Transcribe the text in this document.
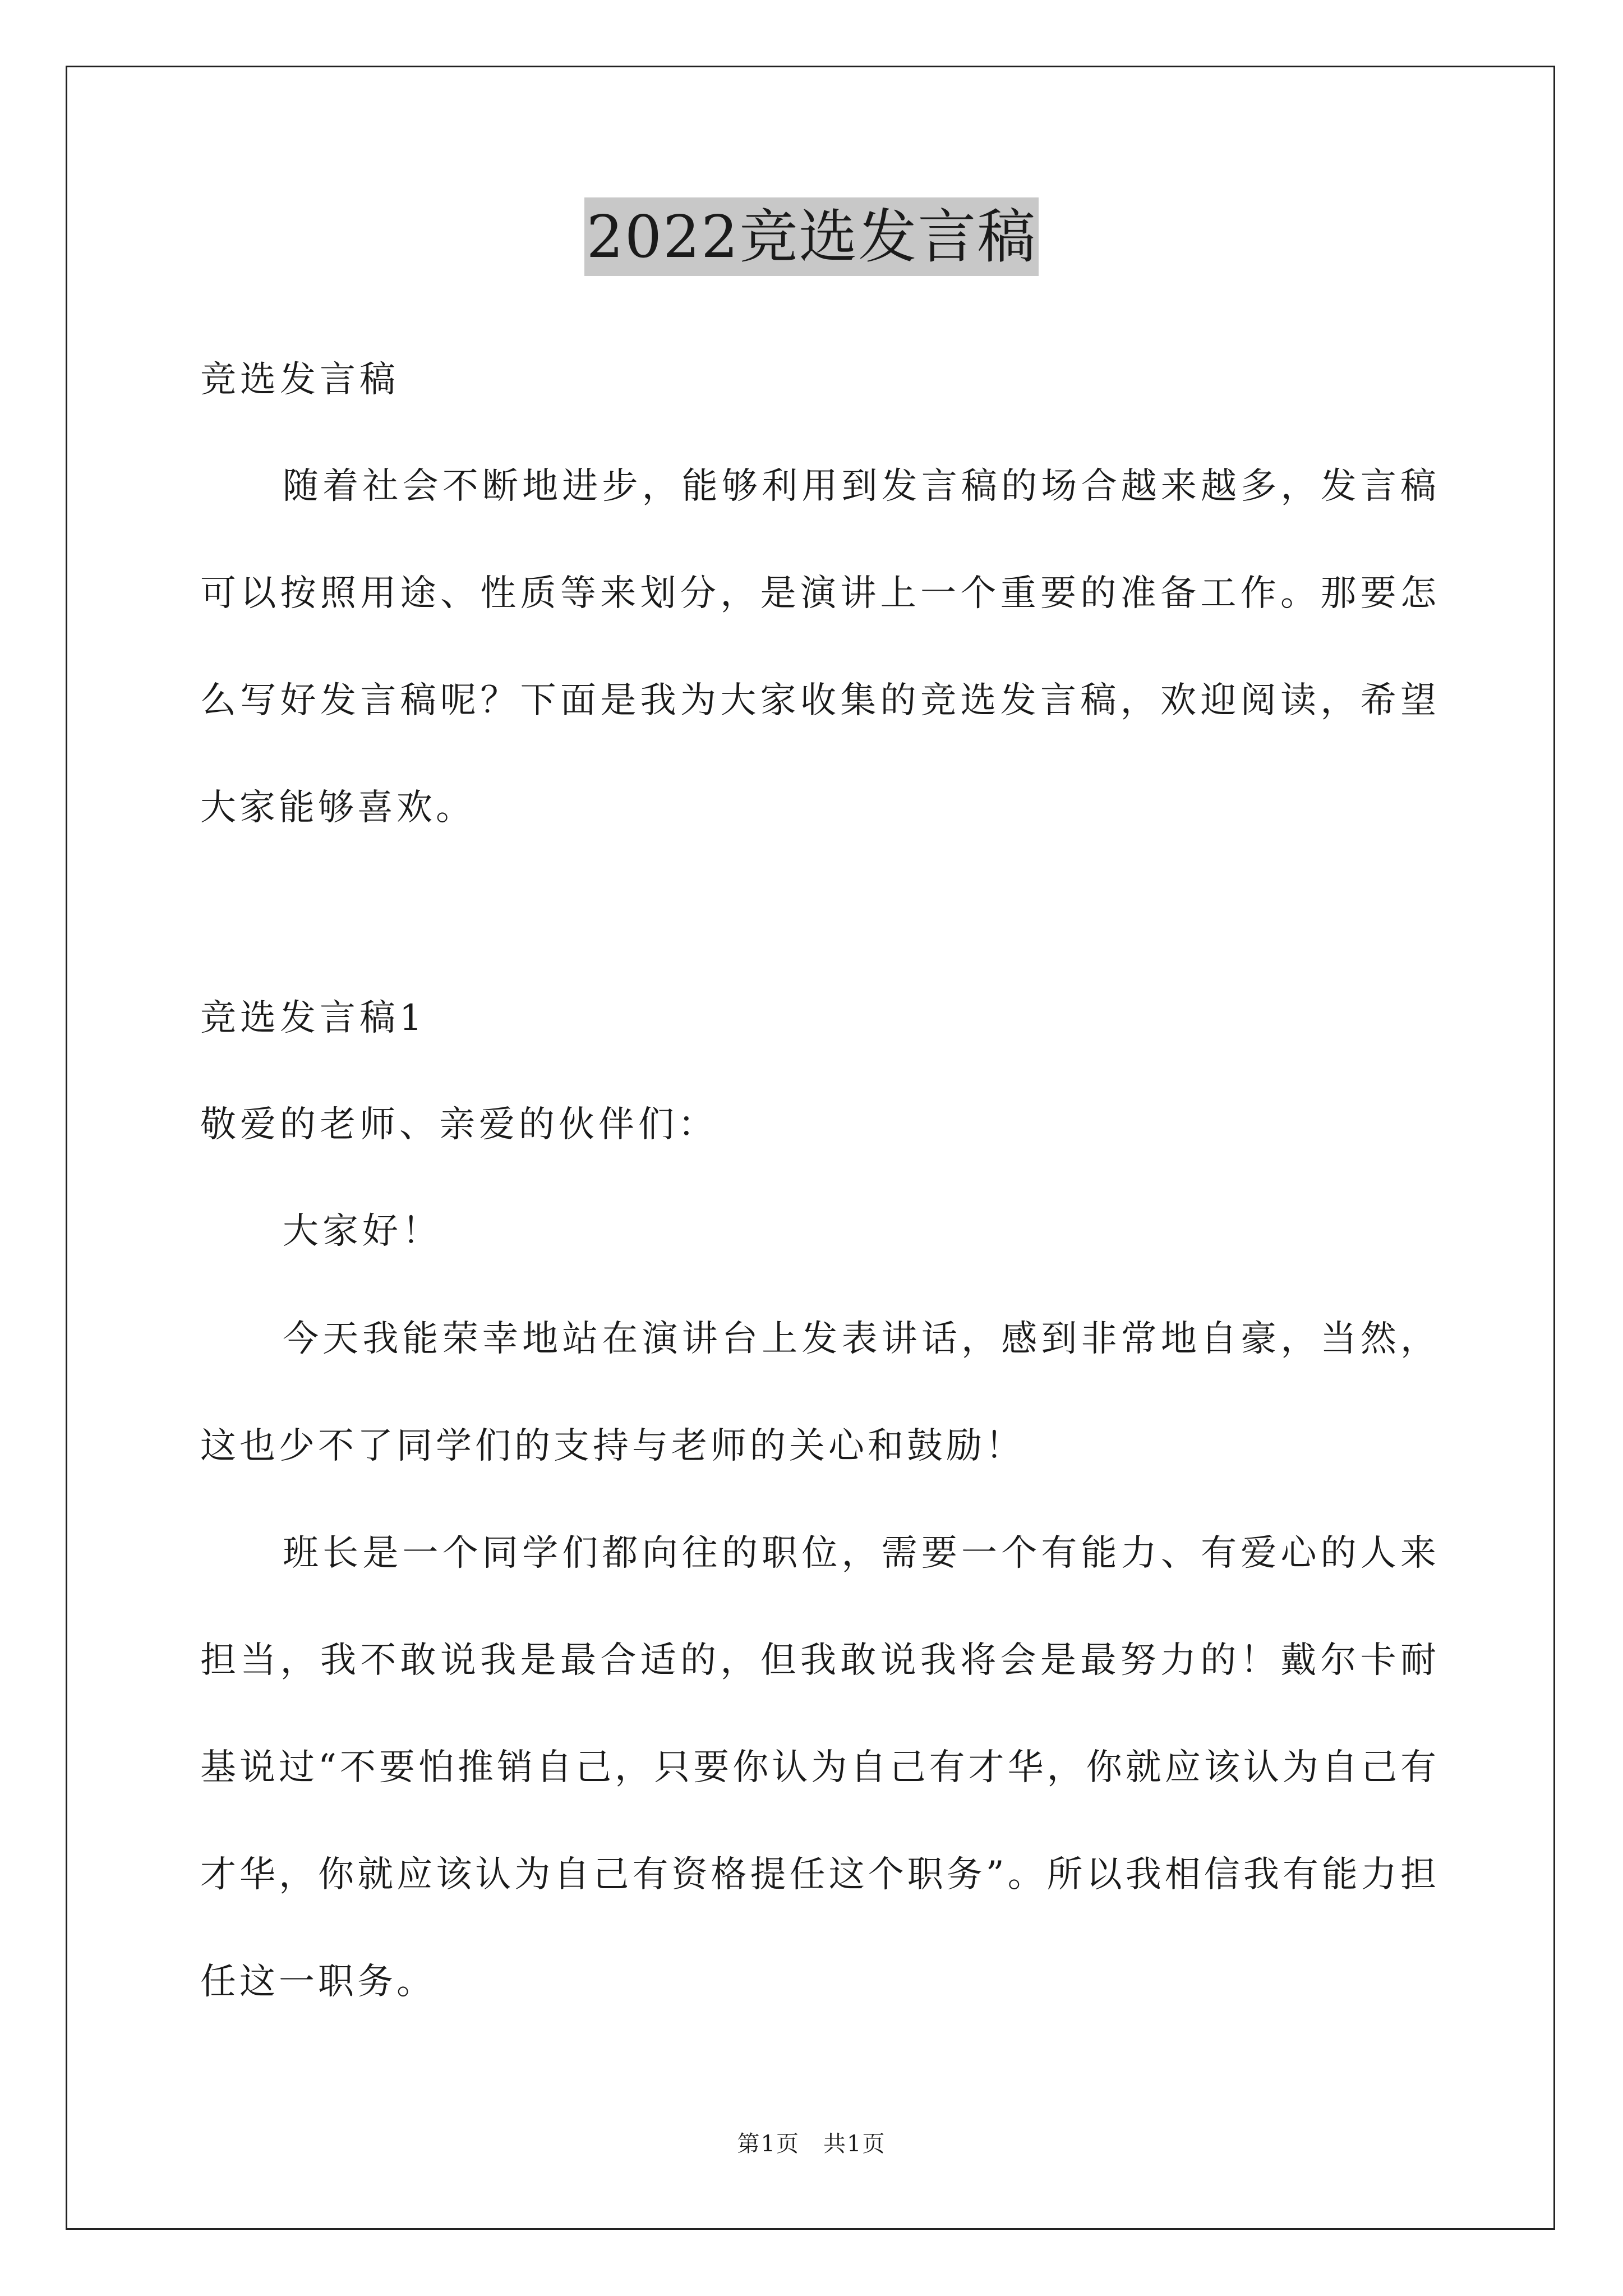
2022竞选发言稿
竞选发言稿
随着社会不断地进步，能够利用到发言稿的场合越来越多，发言稿可以按照用途、性质等来划分，是演讲上一个重要的准备工作。那要怎么写好发言稿呢？下面是我为大家收集的竞选发言稿，欢迎阅读，希望大家能够喜欢。
竞选发言稿1
敬爱的老师、亲爱的伙伴们：
大家好！
今天我能荣幸地站在演讲台上发表讲话，感到非常地自豪，当然，这也少不了同学们的支持与老师的关心和鼓励！
班长是一个同学们都向往的职位，需要一个有能力、有爱心的人来担当，我不敢说我是最合适的，但我敢说我将会是最努力的！戴尔卡耐基说过“不要怕推销自己，只要你认为自己有才华，你就应该认为自己有才华，你就应该认为自己有资格提任这个职务”。所以我相信我有能力担任这一职务。
第1页　共1页
